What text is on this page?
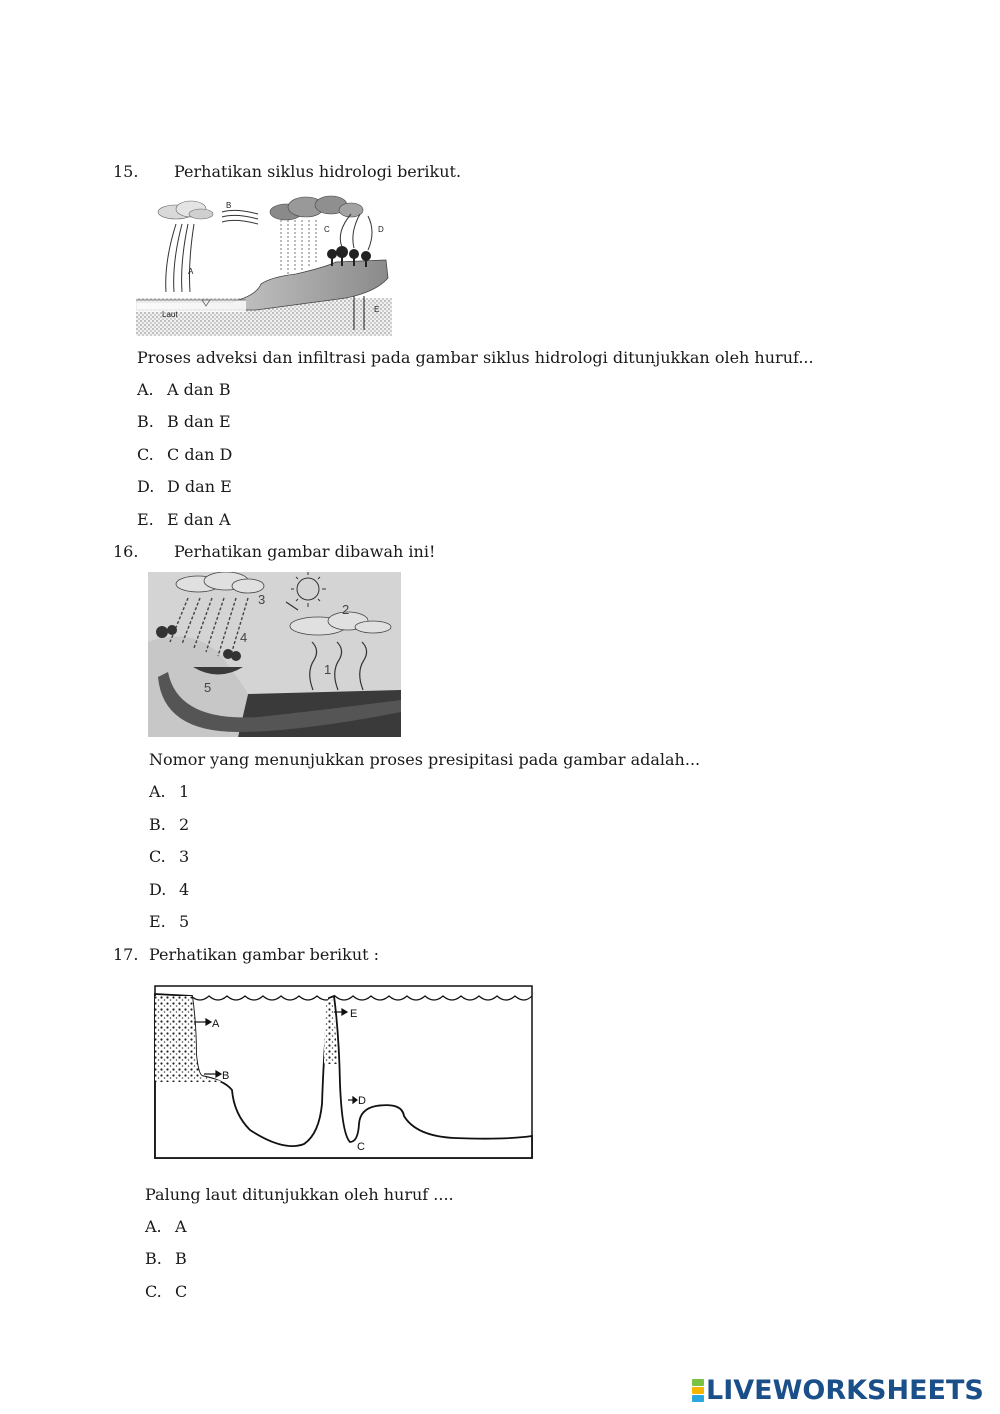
15. Perhatikan siklus hidrologi berikut.
Laut
A
B
C	D
E
Proses adveksi dan infiltrasi pada gambar siklus hidrologi ditunjukkan oleh huruf...
A. A dan B
B. B dan E
C. C dan D
D. D dan E
E. E dan A
16. Perhatikan gambar dibawah ini!
1
2
3
4
5
Nomor yang menunjukkan proses presipitasi pada gambar adalah...
A. 1
B. 2
C. 3
D. 4
E. 5
17. Perhatikan gambar berikut :
A
B
C
D
E
Palung laut ditunjukkan oleh huruf ....
A. A
B. B
C. C
LIVEWORKSHEETS
